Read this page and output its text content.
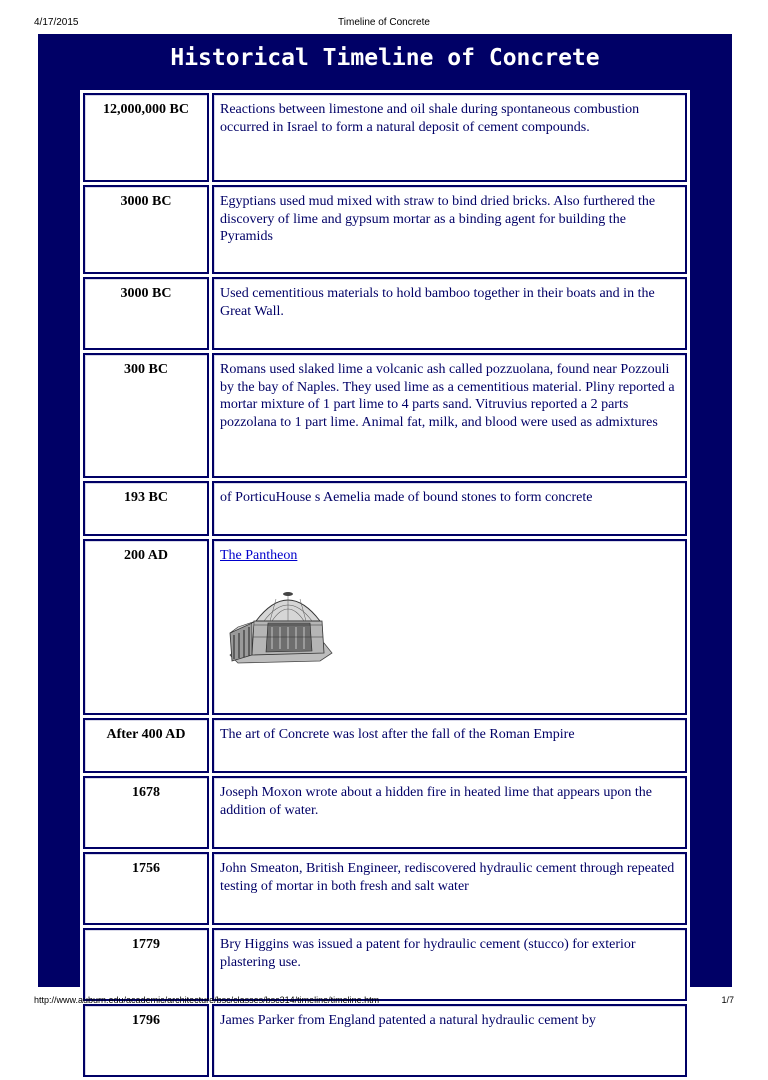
4/17/2015	Timeline of Concrete
Historical Timeline of Concrete
12,000,000 BC	Reactions between limestone and oil shale during spontaneous combustion occurred in Israel to form a natural deposit of cement compounds.
3000 BC	Egyptians used mud mixed with straw to bind dried bricks. Also furthered the discovery of lime and gypsum mortar as a binding agent for building the Pyramids
3000 BC	Used cementitious materials to hold bamboo together in their boats and in the Great Wall.
300 BC	Romans used slaked lime a volcanic ash called pozzuolana, found near Pozzouli by the bay of Naples. They used lime as a cementitious material. Pliny reported a mortar mixture of 1 part lime to 4 parts sand. Vitruvius reported a 2 parts pozzolana to 1 part lime. Animal fat, milk, and blood were used as admixtures
193 BC	of PorticuHouse s Aemelia made of bound stones to form concrete
200 AD	The Pantheon

After 400 AD	The art of Concrete was lost after the fall of the Roman Empire
1678	Joseph Moxon wrote about a hidden fire in heated lime that appears upon the addition of water.
1756	John Smeaton, British Engineer, rediscovered hydraulic cement through repeated testing of mortar in both fresh and salt water
1779	Bry Higgins was issued a patent for hydraulic cement (stucco) for exterior plastering use.
1796	James Parker from England patented a natural hydraulic cement by
http://www.auburn.edu/academic/architecture/bsc/classes/bsc314/timeline/timeline.htm	1/7
